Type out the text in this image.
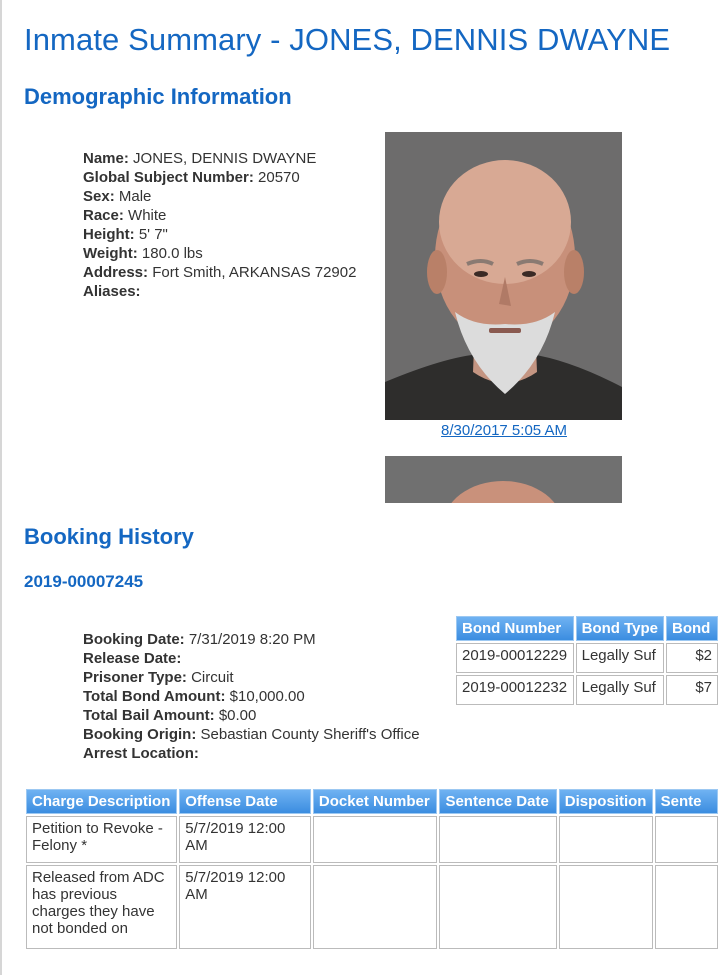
Inmate Summary - JONES, DENNIS DWAYNE
Demographic Information
Name: JONES, DENNIS DWAYNE
Global Subject Number: 20570
Sex: Male
Race: White
Height: 5' 7"
Weight: 180.0 lbs
Address: Fort Smith, ARKANSAS 72902
Aliases:
8/30/2017 5:05 AM
Booking History
2019-00007245
Booking Date: 7/31/2019 8:20 PM
Release Date:
Prisoner Type: Circuit
Total Bond Amount: $10,000.00
Total Bail Amount: $0.00
Booking Origin: Sebastian County Sheriff's Office
Arrest Location:
Bond Number	Bond Type	Bond
2019-00012229	Legally Suf	$2
2019-00012232	Legally Suf	$7
Charge Description	Offense Date	Docket Number	Sentence Date	Disposition	Sente
Petition to Revoke - Felony *	5/7/2019 12:00 AM				
Released from ADC has previous charges they have not bonded on	5/7/2019 12:00 AM				
